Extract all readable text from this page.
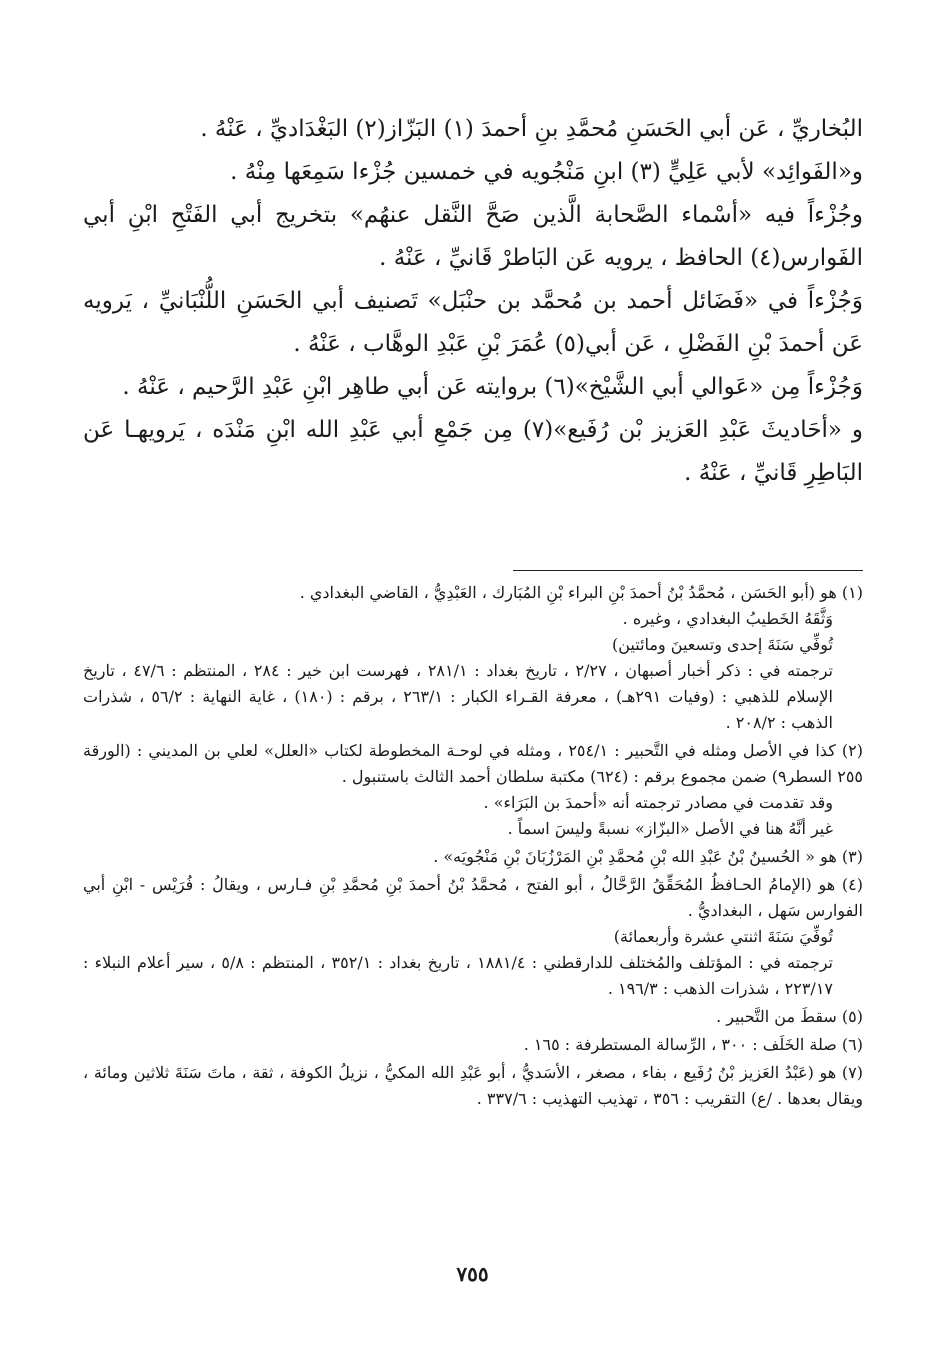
البُخاريِّ ، عَن أبي الحَسَنِ مُحمَّدِ بنِ أحمدَ (١) البَزّاز(٢) البَغْدَاديِّ ، عَنْهُ .

و«الفَوائِد» لأبي عَلِيٍّ (٣) ابنِ مَنْجُويه في خمسين جُزْءا سَمِعَها مِنْهُ .

وجُزْءاً فيه «أسْماء الصَّحابة الَّذين صَحَّ النَّقل عنهُم» بتخريج أبي الفَتْحِ ابْنِ أبي الفَوارس(٤) الحافظ ، يرويه عَن البَاطرْ قَانيِّ ، عَنْهُ .

وَجُزْءاً في «فَضَائل أحمد بن مُحمَّد بن حنْبَل» تَصنيف أبي الحَسَنِ اللُّنْبَانيِّ ، يَرويه عَن أحمدَ بْنِ الفَضْلِ ، عَن أبي(٥) عُمَرَ بْنِ عَبْدِ الوهَّاب ، عَنْهُ .

وَجُزْءاً مِن «عَوالي أبي الشَّيْخ»(٦) بروايته عَن أبي طاهِر ابْنِ عَبْدِ الرَّحيم ، عَنْهُ .

و «أحَاديثَ عَبْدِ العَزيز بْن رُفَيع»(٧) مِن جَمْعِ أبي عَبْدِ الله ابْنِ مَنْدَه ، يَرويهـا عَن البَاطِرِ قَانيِّ ، عَنْهُ .

(١) هو (أبو الحَسَن ، مُحمَّدُ بْنُ أحمدَ بْنِ البراء بْنِ المُبَارك ، العَبْدِيُّ ، القاضي البغدادي .
وَثَّقَهُ الخَطيبُ البغدادي ، وغيره .
تُوفِّي سَنَةَ إحدى وتسعينَ ومائتين)
ترجمته في : ذكر أخبار أصبهان ، ٢/٢٧ ، تاريخ بغداد : ٢٨١/١ ، فهرست ابن خير : ٢٨٤ ، المنتظم : ٤٧/٦ ، تاريخ الإسلام للذهبي : (وفيات ٢٩١هـ) ، معرفة القـراء الكبار : ٢٦٣/١ ، برقم : (١٨٠) ، غاية النهاية : ٥٦/٢ ، شذرات الذهب : ٢٠٨/٢ .
(٢) كذا في الأصل ومثله في التَّحبير : ٢٥٤/١ ، ومثله في لوحـة المخطوطة لكتاب «العلل» لعلي بن المديني : (الورقة ٢٥٥ السطر٩) ضمن مجموع برقم : (٦٢٤) مكتبة سلطان أحمد الثالث باستنبول .
وقد تقدمت في مصادر ترجمته أنه «أحمدَ بن البَرَاء» .
غير أنَّهُ هنا في الأصل «البزّاز» نسبةً وليسَ اسماً .
(٣) هو « الحُسينُ بْنُ عَبْدِ الله بْنِ مُحمَّدِ بْنِ المَرْزُبَانَ بْنِ مَنْجُويَه» .
(٤) هو (الإمامُ الحـافظُ المُحَقِّقُ الرَّحَّالُ ، أبو الفتح ، مُحمَّدُ بْنُ أحمدَ بْنِ مُحمَّدِ بْنِ فـارس ، ويقالُ : فُرَيْس - ابْنِ أبي الفوارس سَهل ، البغداديُّ .
تُوفِّيَ سَنَةَ اثنتي عشرة وأربعمائة)
ترجمته في : المؤتلف والمُختلف للدارقطني : ١٨٨١/٤ ، تاريخ بغداد : ٣٥٢/١ ، المنتظم : ٥/٨ ، سير أعلام النبلاء : ٢٢٣/١٧ ، شذرات الذهب : ١٩٦/٣ .
(٥) سقطَ من التَّحبير .
(٦) صلة الخَلَف : ٣٠٠ ، الرِّسالة المستطرفة : ١٦٥ .
(٧) هو (عَبْدُ العَزيز بْنُ رُفَيع ، بفاء ، مصغر ، الأسَديُّ ، أبو عَبْدِ الله المكيُّ ، نزيلُ الكوفة ، ثقة ، ماتَ سَنَةَ ثلاثين ومائة ، ويقال بعدها . /ع) التقريب : ٣٥٦ ، تهذيب التهذيب : ٣٣٧/٦ .
٧٥٥
